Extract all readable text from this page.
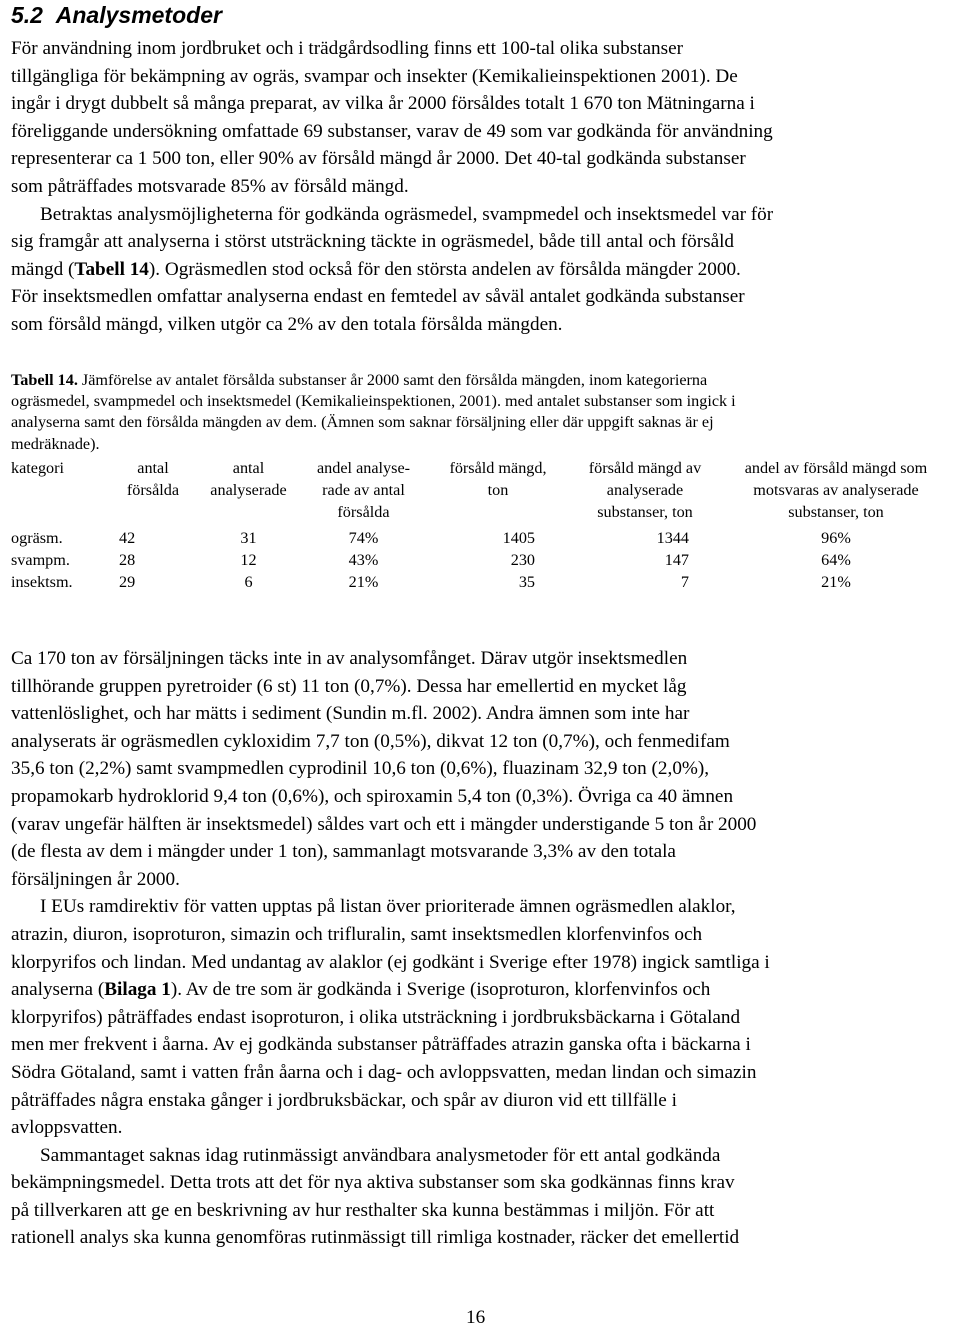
5.2 Analysmetoder
För användning inom jordbruket och i trädgårdsodling finns ett 100-tal olika substanser
tillgängliga för bekämpning av ogräs, svampar och insekter (Kemikalieinspektionen 2001). De
ingår i drygt dubbelt så många preparat, av vilka år 2000 försåldes totalt 1 670 ton Mätningarna i
föreliggande undersökning omfattade 69 substanser, varav de 49 som var godkända för användning
representerar ca 1 500 ton, eller 90% av försåld mängd år 2000. Det 40-tal godkända substanser
som påträffades motsvarade 85% av försåld mängd.
Betraktas analysmöjligheterna för godkända ogräsmedel, svampmedel och insektsmedel var för
sig framgår att analyserna i störst utsträckning täckte in ogräsmedel, både till antal och försåld
mängd (Tabell 14). Ogräsmedlen stod också för den största andelen av försålda mängder 2000.
För insektsmedlen omfattar analyserna endast en femtedel av såväl antalet godkända substanser
som försåld mängd, vilken utgör ca 2% av den totala försålda mängden.
Tabell 14. Jämförelse av antalet försålda substanser år 2000 samt den försålda mängden, inom kategorierna
ogräsmedel, svampmedel och insektsmedel (Kemikalieinspektionen, 2001). med antalet substanser som ingick i
analyserna samt den försålda mängden av dem. (Ämnen som saknar försäljning eller där uppgift saknas är ej
medräknade).
kategori	antal	antal	andel analyse-	försåld mängd,	försåld mängd av	andel av försåld mängd som
	försålda	analyserade	rade av antal	ton	analyserade	motsvaras av analyserade
			försålda		substanser, ton	substanser, ton
ogräsm.	42	31	74%	1405	1344	96%
svampm.	28	12	43%	230	147	64%
insektsm.	29	6	21%	35	7	21%
Ca 170 ton av försäljningen täcks inte in av analysomfånget. Därav utgör insektsmedlen
tillhörande gruppen pyretroider (6 st) 11 ton (0,7%). Dessa har emellertid en mycket låg
vattenlöslighet, och har mätts i sediment (Sundin m.fl. 2002). Andra ämnen som inte har
analyserats är ogräsmedlen cykloxidim 7,7 ton (0,5%), dikvat 12 ton (0,7%), och fenmedifam
35,6 ton (2,2%) samt svampmedlen cyprodinil 10,6 ton (0,6%), fluazinam 32,9 ton (2,0%),
propamokarb hydroklorid 9,4 ton (0,6%), och spiroxamin 5,4 ton (0,3%). Övriga ca 40 ämnen
(varav ungefär hälften är insektsmedel) såldes vart och ett i mängder understigande 5 ton år 2000
(de flesta av dem i mängder under 1 ton), sammanlagt motsvarande 3,3% av den totala
försäljningen år 2000.
I EUs ramdirektiv för vatten upptas på listan över prioriterade ämnen ogräsmedlen alaklor,
atrazin, diuron, isoproturon, simazin och trifluralin, samt insektsmedlen klorfenvinfos och
klorpyrifos och lindan. Med undantag av alaklor (ej godkänt i Sverige efter 1978) ingick samtliga i
analyserna (Bilaga 1). Av de tre som är godkända i Sverige (isoproturon, klorfenvinfos och
klorpyrifos) påträffades endast isoproturon, i olika utsträckning i jordbruksbäckarna i Götaland
men mer frekvent i åarna. Av ej godkända substanser påträffades atrazin ganska ofta i bäckarna i
Södra Götaland, samt i vatten från åarna och i dag- och avloppsvatten, medan lindan och simazin
påträffades några enstaka gånger i jordbruksbäckar, och spår av diuron vid ett tillfälle i
avloppsvatten.
Sammantaget saknas idag rutinmässigt användbara analysmetoder för ett antal godkända
bekämpningsmedel. Detta trots att det för nya aktiva substanser som ska godkännas finns krav
på tillverkaren att ge en beskrivning av hur resthalter ska kunna bestämmas i miljön. För att
rationell analys ska kunna genomföras rutinmässigt till rimliga kostnader, räcker det emellertid
16
